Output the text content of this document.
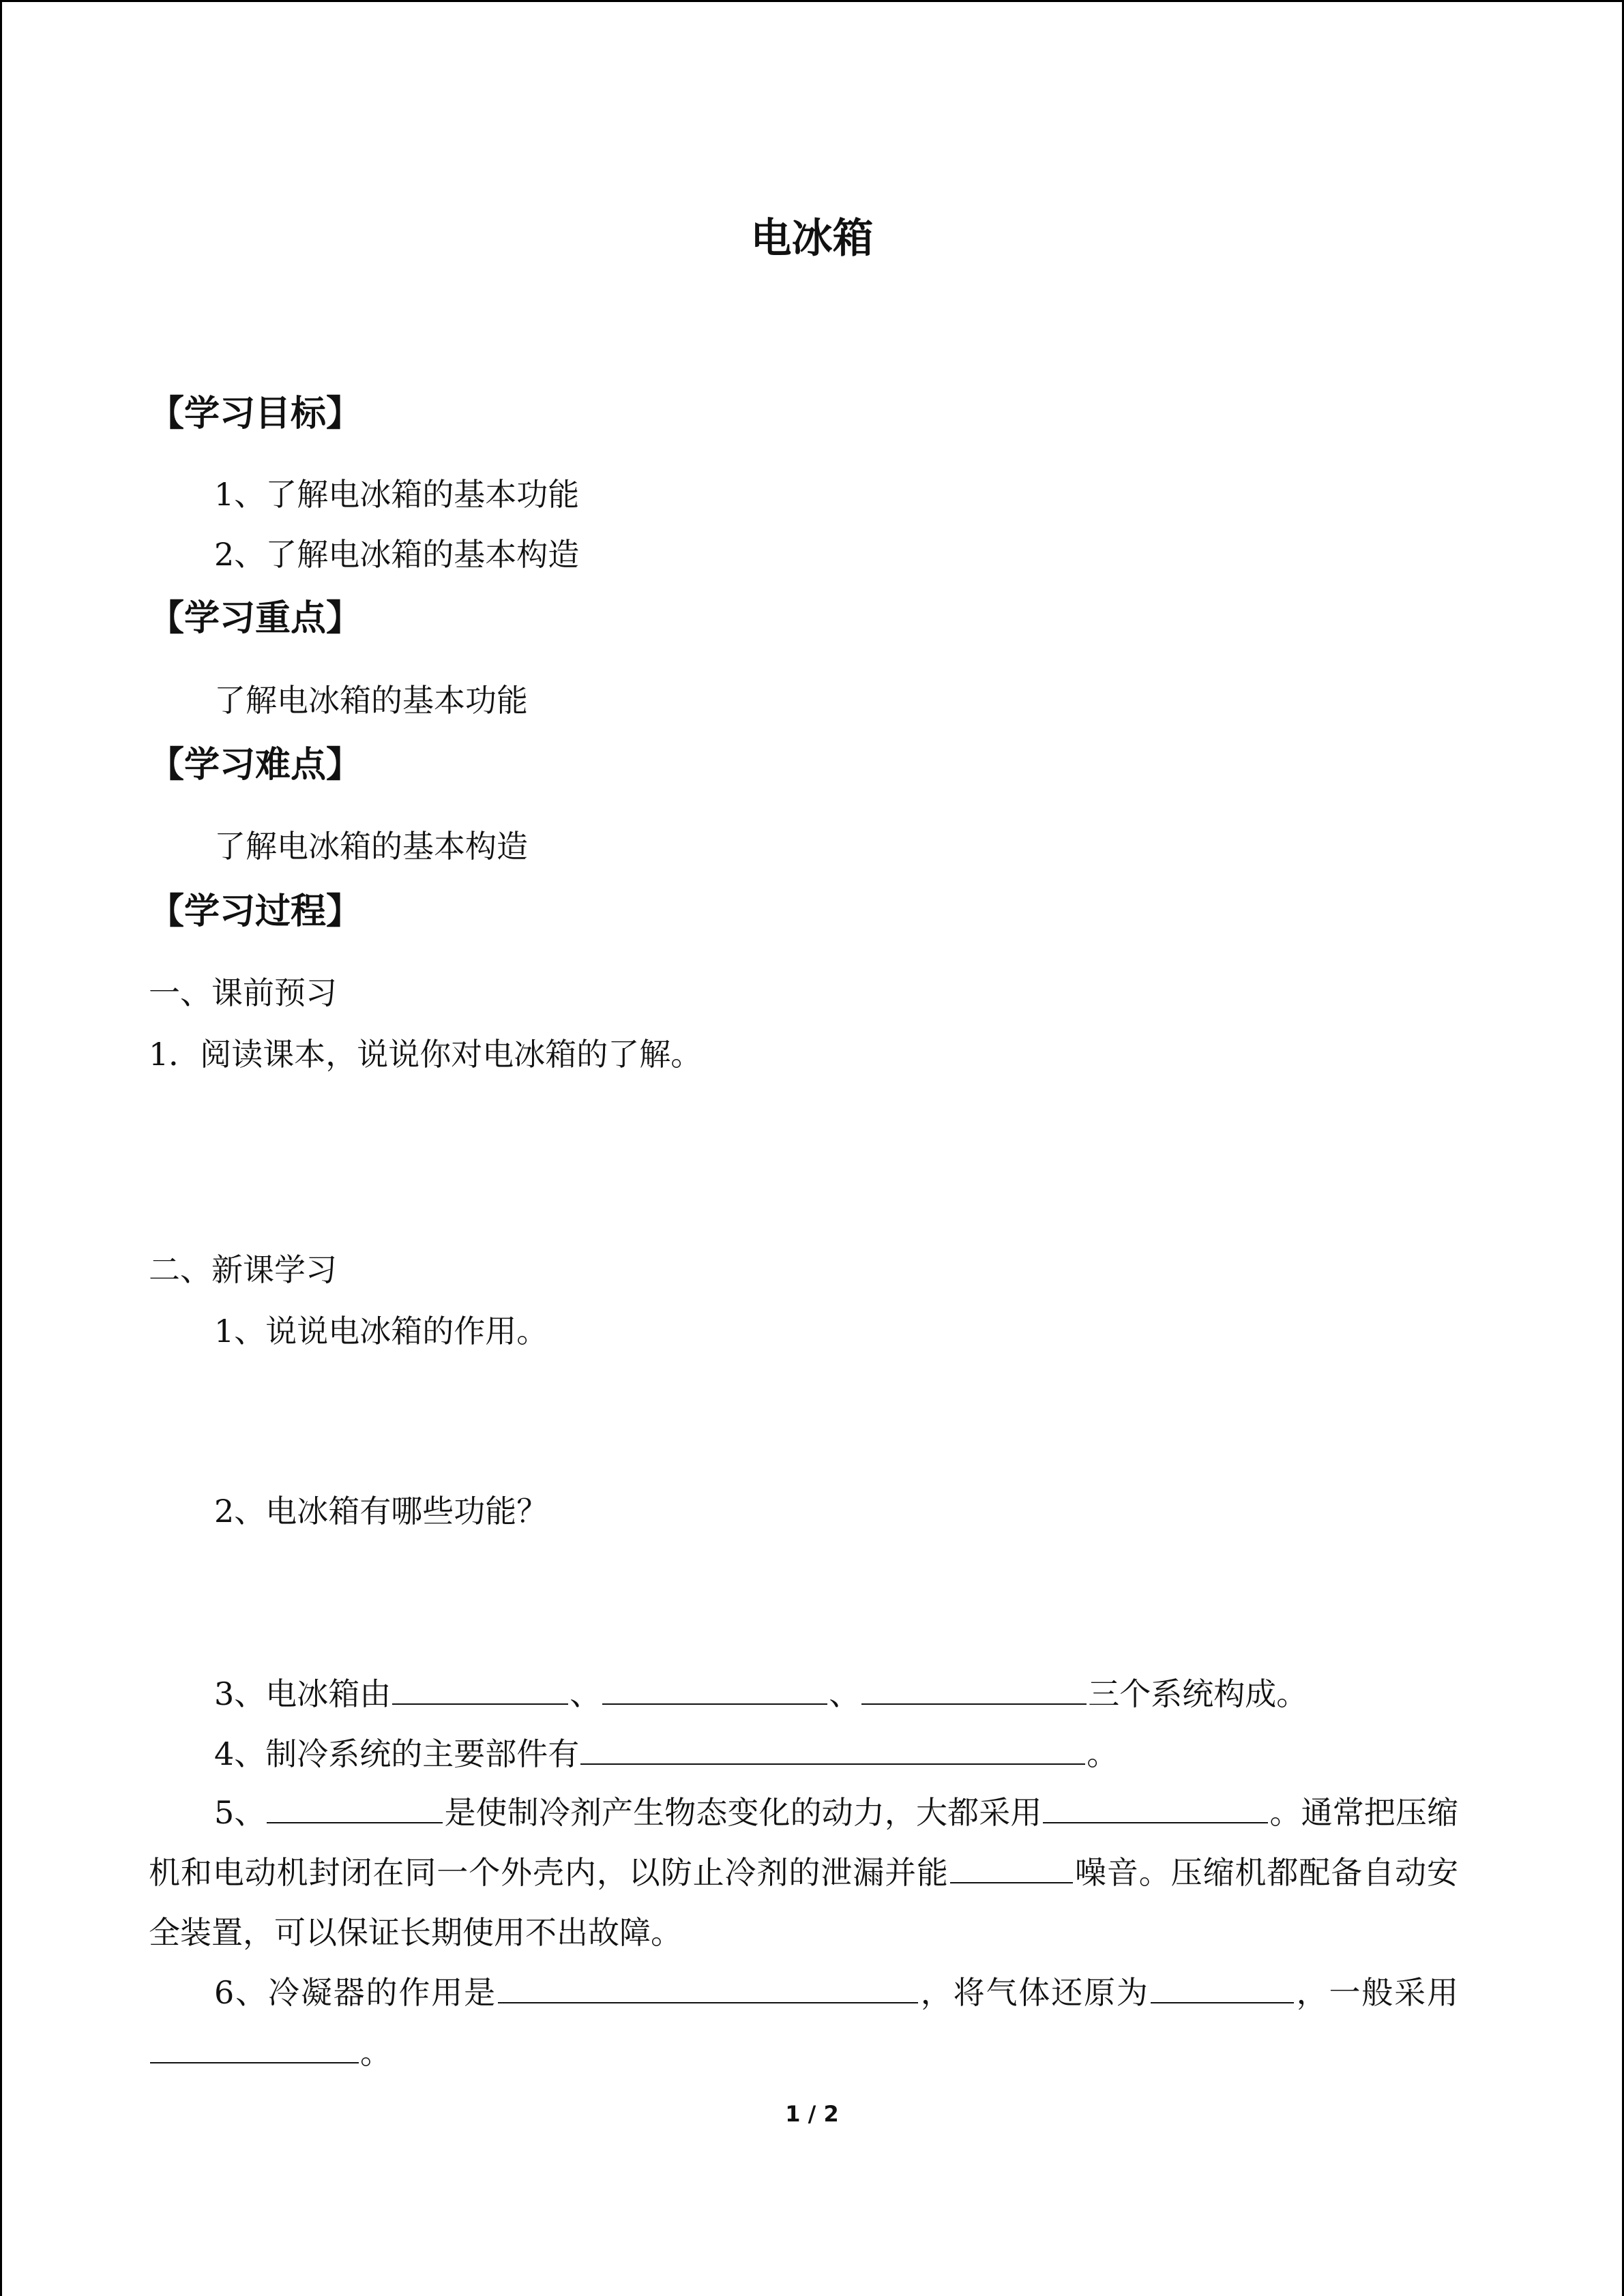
电冰箱
【学习目标】
1、了解电冰箱的基本功能
2、了解电冰箱的基本构造
【学习重点】
了解电冰箱的基本功能
【学习难点】
了解电冰箱的基本构造
【学习过程】
一、课前预习
1．阅读课本，说说你对电冰箱的了解。
二、新课学习
1、说说电冰箱的作用。
2、电冰箱有哪些功能？
3、电冰箱由	、	、	三个系统构成。
4、制冷系统的主要部件有	。
5、	是使制冷剂产生物态变化的动力，大都采用	。通常把压缩机和电动机封闭在同一个外壳内，以防止冷剂的泄漏并能	噪音。压缩机都配备自动安全装置，可以保证长期使用不出故障。
6、冷凝器的作用是	，将气体还原为	，一般采用。
1 / 2
